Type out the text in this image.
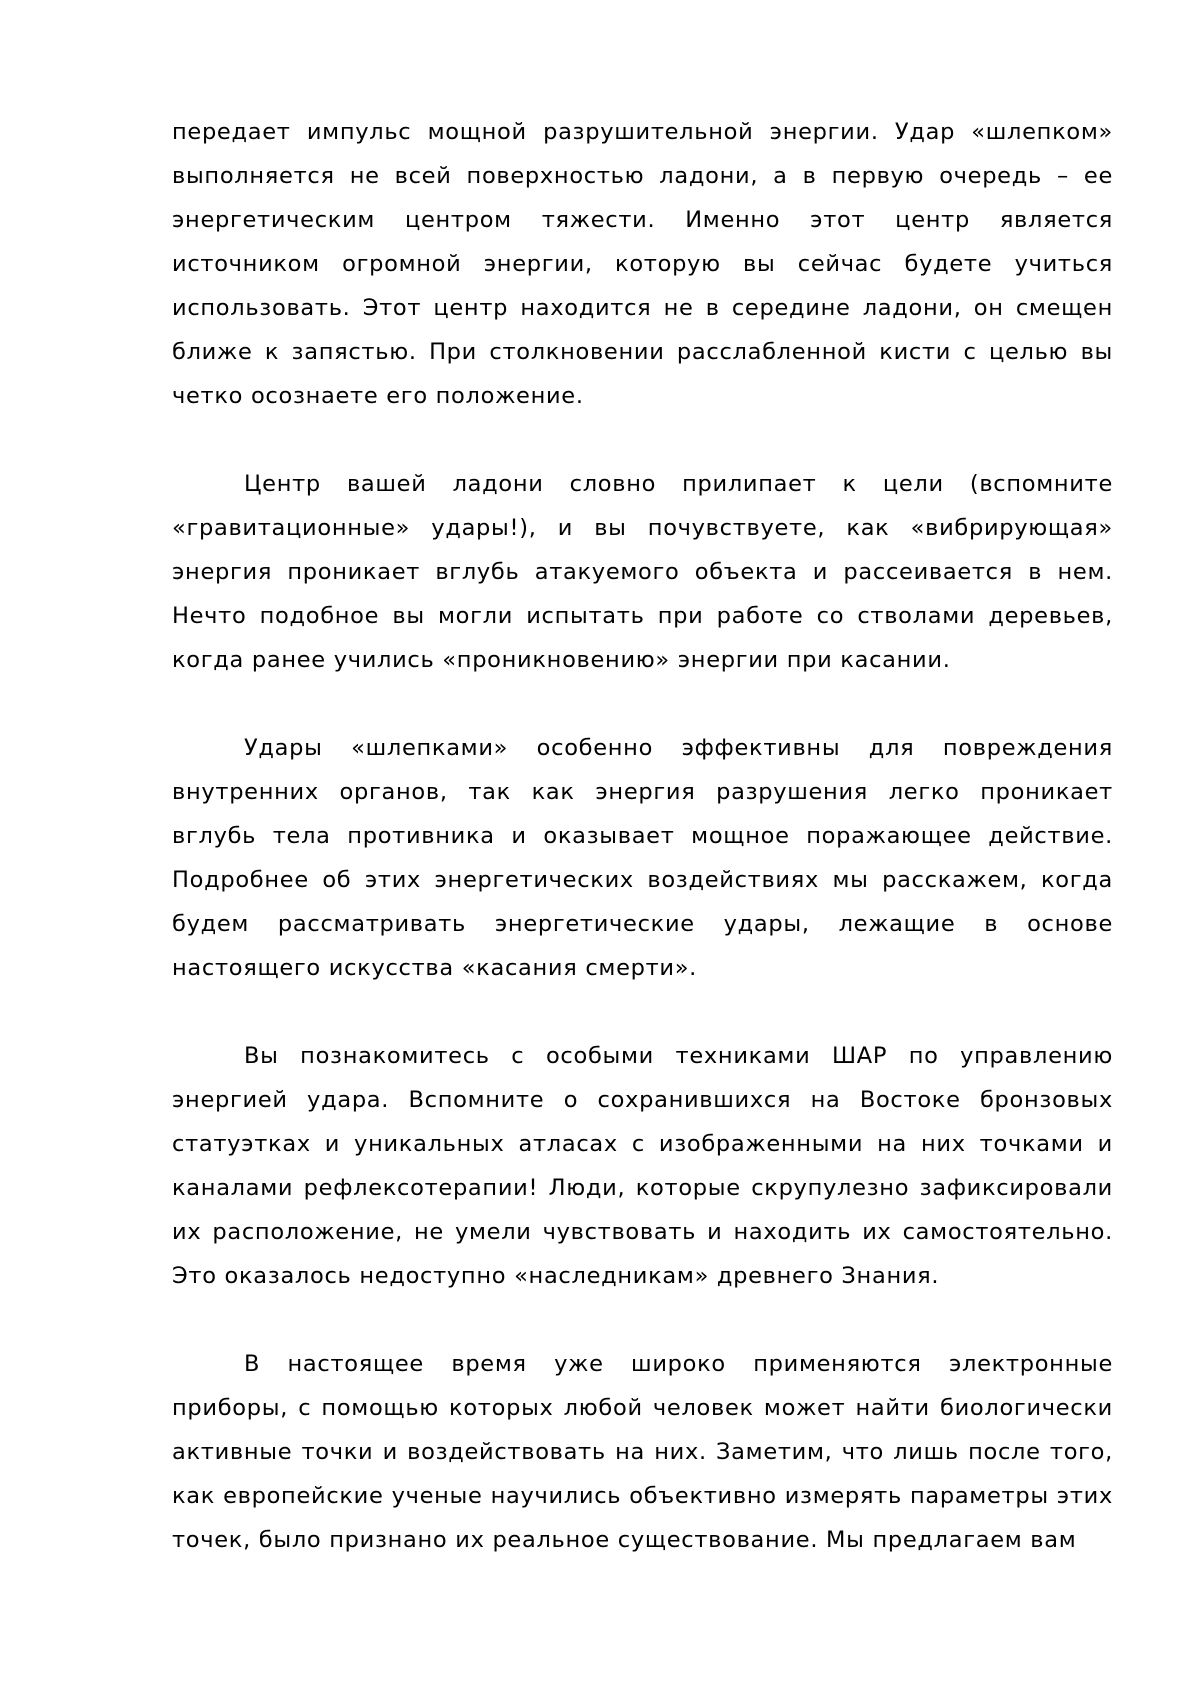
передает импульс мощной разрушительной энергии. Удар «шлепком» выполняется не всей поверхностью ладони, а в первую очередь – ее энергетическим центром тяжести. Именно этот центр является источником огромной энергии, которую вы сейчас будете учиться использовать. Этот центр находится не в середине ладони, он смещен ближе к запястью. При столкновении расслабленной кисти с целью вы четко осознаете его положение.

Центр вашей ладони словно прилипает к цели (вспомните «гравитационные» удары!), и вы почувствуете, как «вибрирующая» энергия проникает вглубь атакуемого объекта и рассеивается в нем. Нечто подобное вы могли испытать при работе со стволами деревьев, когда ранее учились «проникновению» энергии при касании.

Удары «шлепками» особенно эффективны для повреждения внутренних органов, так как энергия разрушения легко проникает вглубь тела противника и оказывает мощное поражающее действие. Подробнее об этих энергетических воздействиях мы расскажем, когда будем рассматривать энергетические удары, лежащие в основе настоящего искусства «касания смерти».

Вы познакомитесь с особыми техниками ШАР по управлению энергией удара. Вспомните о сохранившихся на Востоке бронзовых статуэтках и уникальных атласах с изображенными на них точками и каналами рефлексотерапии! Люди, которые скрупулезно зафиксировали их расположение, не умели чувствовать и находить их самостоятельно. Это оказалось недоступно «наследникам» древнего Знания.

В настоящее время уже широко применяются электронные приборы, с помощью которых любой человек может найти биологически активные точки и воздействовать на них. Заметим, что лишь после того, как европейские ученые научились объективно измерять параметры этих точек, было признано их реальное существование. Мы предлагаем вам
